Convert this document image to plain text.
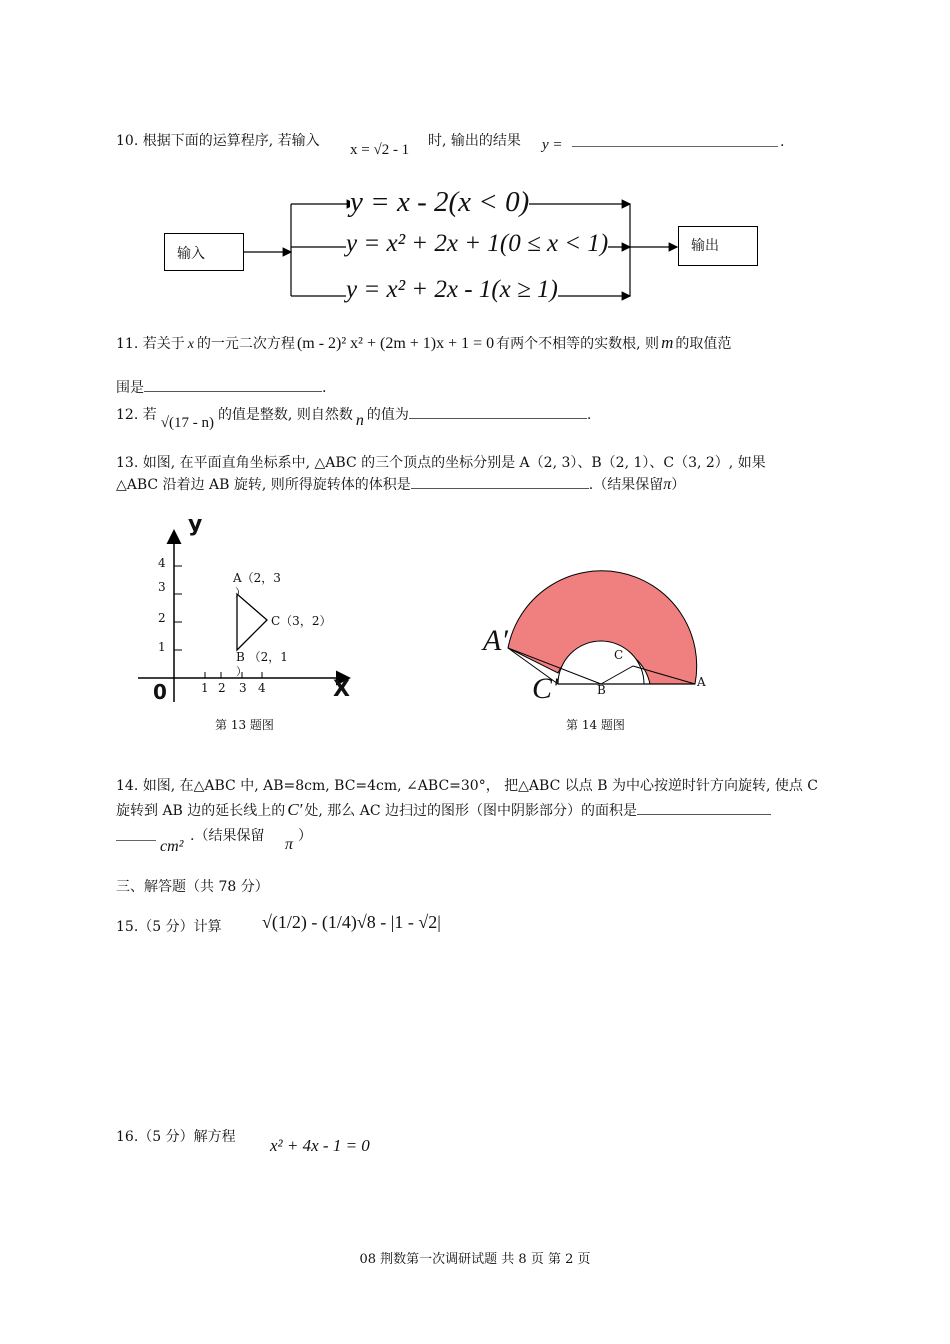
10. 根据下面的运算程序, 若输入
x = √2 - 1
时, 输出的结果 y =	.
输入	输出
y = x - 2(x < 0)
y = x² + 2x + 1(0 ≤ x < 1)
y = x² + 2x - 1(x ≥ 1)
11. 若关于 x 的一元二次方程 (m - 2)² x² + (2m + 1)x + 1 = 0 有两个不相等的实数根, 则 m 的取值范
围是	.
12. 若 √(17 - n) 的值是整数, 则自然数 n 的值为	.
13. 如图, 在平面直角坐标系中, △ABC 的三个顶点的坐标分别是 A（2, 3）、B（2, 1）、C（3, 2）, 如果
△ABC 沿着边 AB 旋转, 则所得旋转体的体积是	.（结果保留π）
y
X
0
4
3
2
1
1 2 3 4
A（2，3
）
C（3，2）
B （2，1
）
第 13 题图
A′
C′	A
B
C
第 14 题图
14. 如图, 在△ABC 中, AB=8cm, BC=4cm, ∠ABC=30°， 把△ABC 以点 B 为中心按逆时针方向旋转, 使点 C
旋转到 AB 边的延长线上的 C′ 处, 那么 AC 边扫过的图形（图中阴影部分）的面积是
cm²
.（结果保留 π ）
三、解答题（共 78 分）
15.（5 分）计算 √(1/2) - (1/4)√8 - |1 - √2|
16.（5 分）解方程 x² + 4x - 1 = 0
08 荆数第一次调研试题 共 8 页 第 2 页
